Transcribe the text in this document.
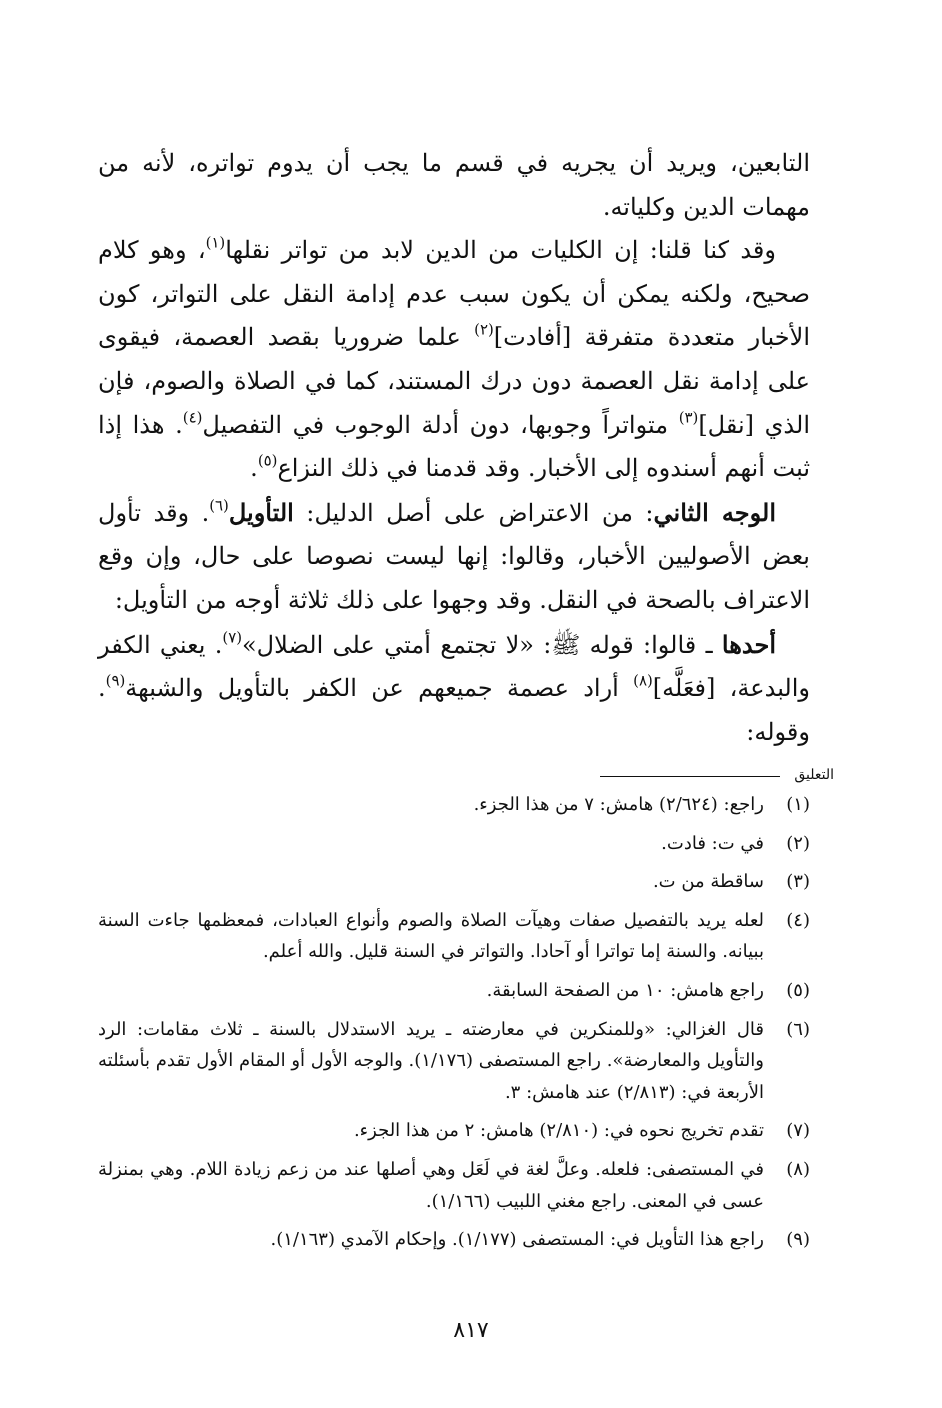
التابعين، ويريد أن يجريه في قسم ما يجب أن يدوم تواتره، لأنه من مهمات الدين وكلياته.

وقد كنا قلنا: إن الكليات من الدين لابد من تواتر نقلها$^{(١)}$، وهو كلام صحيح، ولكنه يمكن أن يكون سبب عدم إدامة النقل على التواتر، كون الأخبار متعددة متفرقة [أفادت]$^{(٢)}$ علما ضروريا بقصد العصمة، فيقوى على إدامة نقل العصمة دون درك المستند، كما في الصلاة والصوم، فإن الذي [نقل]$^{(٣)}$ متواتراً وجوبها، دون أدلة الوجوب في التفصيل$^{(٤)}$. هذا إذا ثبت أنهم أسندوه إلى الأخبار. وقد قدمنا في ذلك النزاع$^{(٥)}$.

الوجه الثاني: من الاعتراض على أصل الدليل: التأويل$^{(٦)}$. وقد تأول بعض الأصوليين الأخبار، وقالوا: إنها ليست نصوصا على حال، وإن وقع الاعتراف بالصحة في النقل. وقد وجهوا على ذلك ثلاثة أوجه من التأويل:

أحدها ـ قالوا: قوله ﷺ: «لا تجتمع أمتي على الضلال»$^{(٧)}$. يعني الكفر والبدعة، [فعَلَّه]$^{(٨)}$ أراد عصمة جميعهم عن الكفر بالتأويل والشبهة$^{(٩)}$. وقوله:

التعليق
(١)
راجع: (٢/٦٢٤) هامش: ٧ من هذا الجزء.
(٢)
في ت: فادت.
(٣)
ساقطة من ت.
(٤)
لعله يريد بالتفصيل صفات وهيآت الصلاة والصوم وأنواع العبادات، فمعظمها جاءت السنة ببيانه. والسنة إما تواترا أو آحادا. والتواتر في السنة قليل. والله أعلم.
(٥)
راجع هامش: ١٠ من الصفحة السابقة.
(٦)
قال الغزالي: «وللمنكرين في معارضته ـ يريد الاستدلال بالسنة ـ ثلاث مقامات: الرد والتأويل والمعارضة». راجع المستصفى (١/١٧٦). والوجه الأول أو المقام الأول تقدم بأسئلته الأربعة في: (٢/٨١٣) عند هامش: ٣.
(٧)
تقدم تخريج نحوه في: (٢/٨١٠) هامش: ٢ من هذا الجزء.
(٨)
في المستصفى: فلعله. وعلَّ لغة في لَعَل وهي أصلها عند من زعم زيادة اللام. وهي بمنزلة عسى في المعنى. راجع مغني اللبيب (١/١٦٦).
(٩)
راجع هذا التأويل في: المستصفى (١/١٧٧). وإحكام الآمدي (١/١٦٣).
٨١٧
